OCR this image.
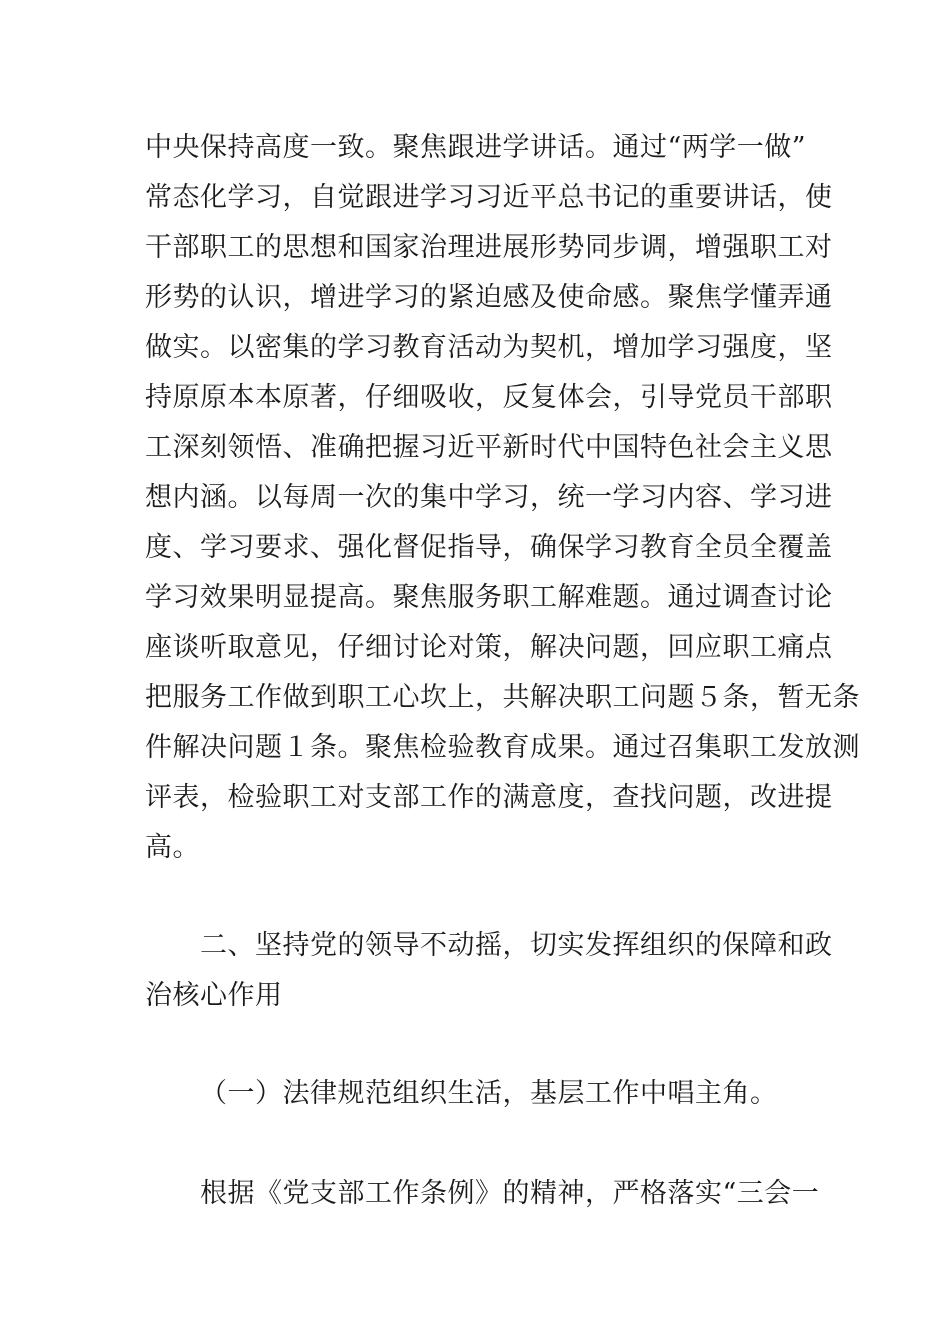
中央保持高度一致。聚焦跟进学讲话。通过“两学一做”
常态化学习，自觉跟进学习习近平总书记的重要讲话，使
干部职工的思想和国家治理进展形势同步调，增强职工对
形势的认识，增进学习的紧迫感及使命感。聚焦学懂弄通
做实。以密集的学习教育活动为契机，增加学习强度，坚
持原原本本原著，仔细吸收，反复体会，引导党员干部职
工深刻领悟、准确把握习近平新时代中国特色社会主义思
想内涵。以每周一次的集中学习，统一学习内容、学习进
度、学习要求、强化督促指导，确保学习教育全员全覆盖
学习效果明显提高。聚焦服务职工解难题。通过调查讨论
座谈听取意见，仔细讨论对策，解决问题，回应职工痛点
把服务工作做到职工心坎上，共解决职工问题５条，暂无条
件解决问题１条。聚焦检验教育成果。通过召集职工发放测
评表，检验职工对支部工作的满意度，查找问题，改进提
高。
二、坚持党的领导不动摇，切实发挥组织的保障和政
治核心作用
（一）法律规范组织生活，基层工作中唱主角。
根据《党支部工作条例》的精神，严格落实“三会一
